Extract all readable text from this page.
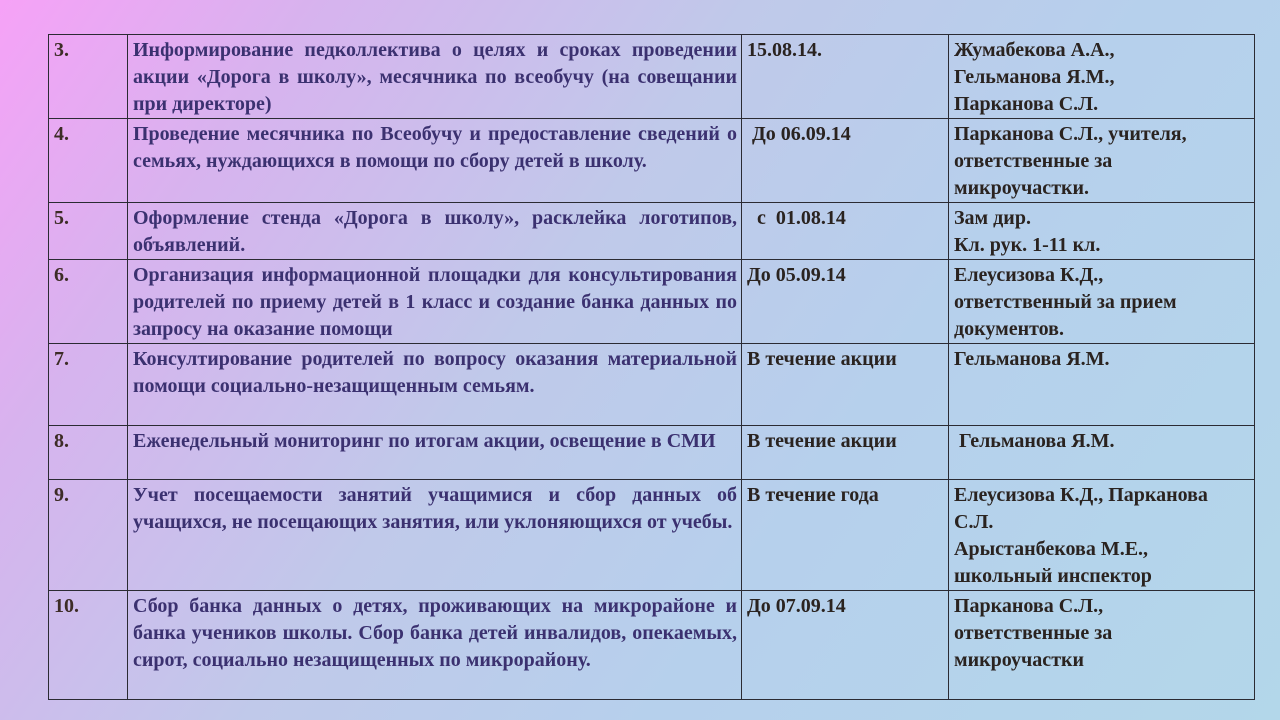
3.	Информирование педколлектива о целях и сроках проведении акции «Дорога в школу», месячника по всеобучу (на совещании при директоре)	15.08.14.	Жумабекова А.А.,
Гельманова Я.М.,
Парканова С.Л.

4.	Проведение месячника по Всеобучу и предоставление сведений о семьях, нуждающихся в помощи по сбору детей в школу.	До 06.09.14	Парканова С.Л., учителя,
ответственные за
микроучастки.

5.	Оформление стенда «Дорога в школу», расклейка логотипов, объявлений.	с  01.08.14	Зам дир.
Кл. рук. 1-11 кл.

6.	Организация информационной площадки для консультирования родителей по приему детей в 1 класс и создание банка данных по запросу на оказание помощи	До 05.09.14	Елеусизова К.Д.,
ответственный за прием
документов.

7.	Консултирование родителей по вопросу оказания материальной помощи социально-незащищенным семьям.	В течение акции	Гельманова Я.М.

8.	Еженедельный мониторинг по итогам акции, освещение в СМИ	В течение акции	Гельманова Я.М.

9.	Учет посещаемости занятий учащимися и сбор данных об учащихся, не посещающих занятия, или уклоняющихся от учебы.	В течение года	Елеусизова К.Д., Парканова С.Л.
Арыстанбекова М.Е., школьный инспектор

10.	Сбор банка данных о детях, проживающих на микрорайоне и банка учеников школы. Сбор банка детей инвалидов, опекаемых, сирот, социально незащищенных по микрорайону.	До 07.09.14	Парканова С.Л.,
ответственные за
микроучастки
